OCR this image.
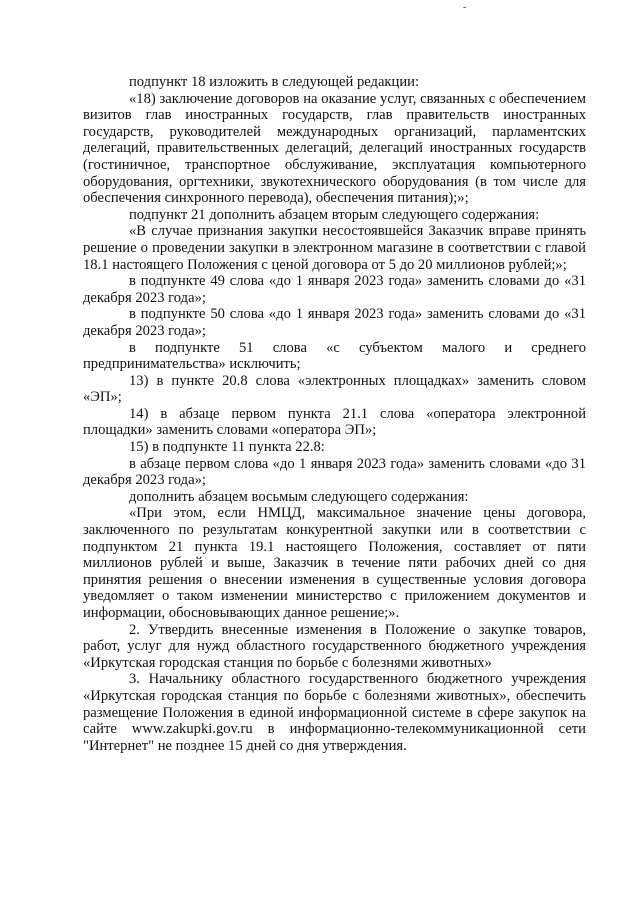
-

подпункт 18 изложить в следующей редакции:

«18) заключение договоров на оказание услуг, связанных с обеспечением визитов глав иностранных государств, глав правительств иностранных государств, руководителей международных организаций, парламентских делегаций, правительственных делегаций, делегаций иностранных государств (гостиничное, транспортное обслуживание, эксплуатация компьютерного оборудования, оргтехники, звукотехнического оборудования (в том числе для обеспечения синхронного перевода), обеспечения питания);»;

подпункт 21 дополнить абзацем вторым следующего содержания:

«В случае признания закупки несостоявшейся Заказчик вправе принять решение о проведении закупки в электронном магазине в соответствии с главой 18.1 настоящего Положения с ценой договора от 5 до 20 миллионов рублей;»;

в подпункте 49 слова «до 1 января 2023 года» заменить словами до «31 декабря 2023 года»;

в подпункте 50 слова «до 1 января 2023 года» заменить словами до «31 декабря 2023 года»;

в подпункте 51 слова «с субъектом малого и среднего предпринимательства» исключить;

13) в пункте 20.8 слова «электронных площадках» заменить словом «ЭП»;

14) в абзаце первом пункта 21.1 слова «оператора электронной площадки» заменить словами «оператора ЭП»;

15) в подпункте 11 пункта 22.8:

в абзаце первом слова «до 1 января 2023 года» заменить словами «до 31 декабря 2023 года»;

дополнить абзацем восьмым следующего содержания:

«При этом, если НМЦД, максимальное значение цены договора, заключенного по результатам конкурентной закупки или в соответствии с подпунктом 21 пункта 19.1 настоящего Положения, составляет от пяти миллионов рублей и выше, Заказчик в течение пяти рабочих дней со дня принятия решения о внесении изменения в существенные условия договора уведомляет о таком изменении министерство с приложением документов и информации, обосновывающих данное решение;».

2. Утвердить внесенные изменения в Положение о закупке товаров, работ, услуг для нужд областного государственного бюджетного учреждения «Иркутская городская станция по борьбе с болезнями животных»

3. Начальнику областного государственного бюджетного учреждения «Иркутская городская станция по борьбе с болезнями животных», обеспечить размещение Положения в единой информационной системе в сфере закупок на сайте www.zakupki.gov.ru в информационно-телекоммуникационной сети "Интернет" не позднее 15 дней со дня утверждения.
